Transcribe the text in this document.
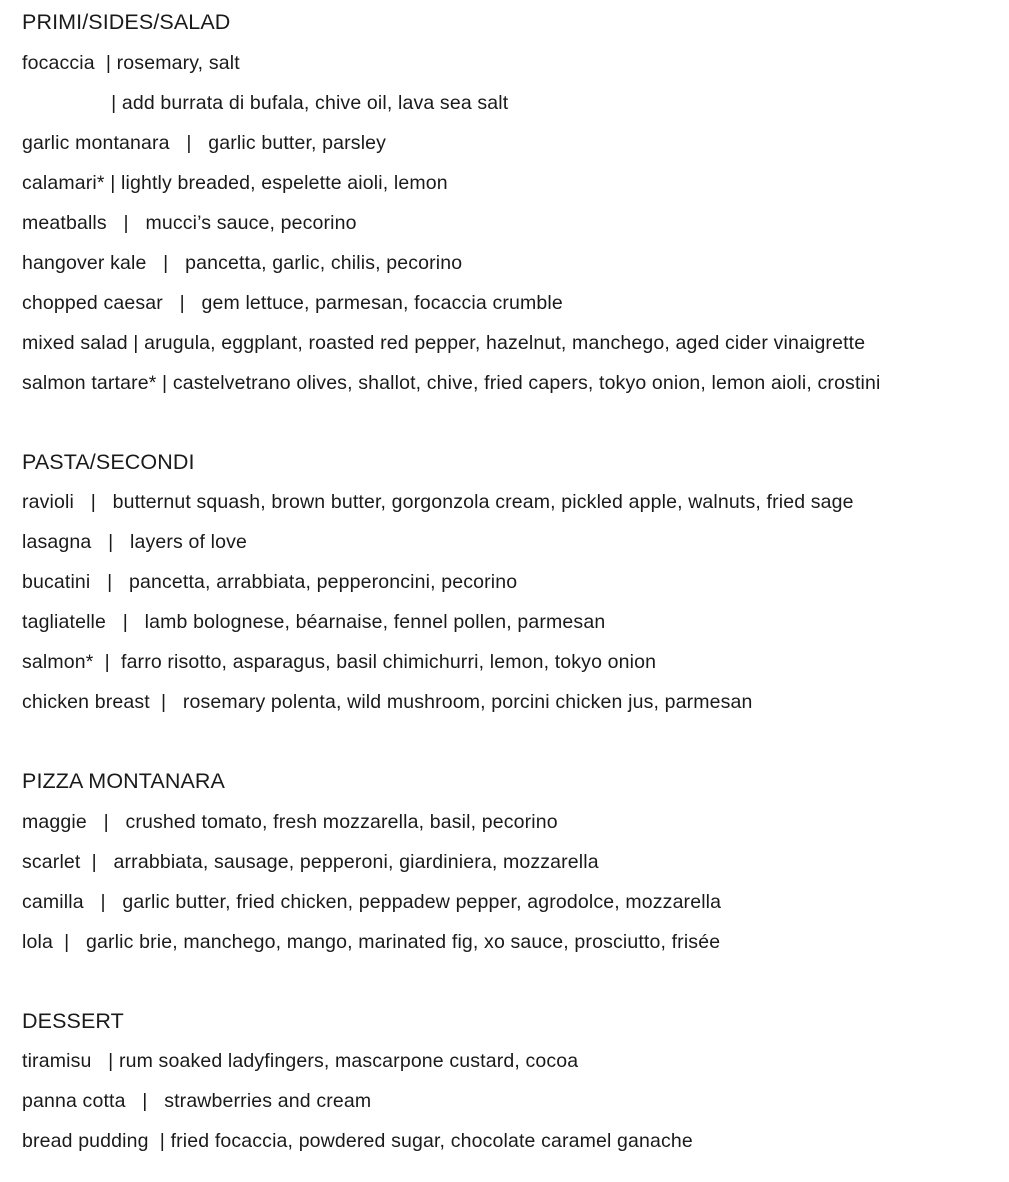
PRIMI/SIDES/SALAD
focaccia  | rosemary, salt
| add burrata di bufala, chive oil, lava sea salt
garlic montanara   |   garlic butter, parsley
calamari* | lightly breaded, espelette aioli, lemon
meatballs   |   mucci’s sauce, pecorino
hangover kale   |   pancetta, garlic, chilis, pecorino
chopped caesar   |   gem lettuce, parmesan, focaccia crumble
mixed salad | arugula, eggplant, roasted red pepper, hazelnut, manchego, aged cider vinaigrette
salmon tartare* | castelvetrano olives, shallot, chive, fried capers, tokyo onion, lemon aioli, crostini
PASTA/SECONDI
ravioli   |   butternut squash, brown butter, gorgonzola cream, pickled apple, walnuts, fried sage
lasagna   |   layers of love
bucatini   |   pancetta, arrabbiata, pepperoncini, pecorino
tagliatelle   |   lamb bolognese, béarnaise, fennel pollen, parmesan
salmon*  |  farro risotto, asparagus, basil chimichurri, lemon, tokyo onion
chicken breast  |   rosemary polenta, wild mushroom, porcini chicken jus, parmesan
PIZZA MONTANARA
maggie   |   crushed tomato, fresh mozzarella, basil, pecorino
scarlet  |   arrabbiata, sausage, pepperoni, giardiniera, mozzarella
camilla   |   garlic butter, fried chicken, peppadew pepper, agrodolce, mozzarella
lola  |   garlic brie, manchego, mango, marinated fig, xo sauce, prosciutto, frisée
DESSERT
tiramisu   | rum soaked ladyfingers, mascarpone custard, cocoa
panna cotta   |   strawberries and cream
bread pudding  | fried focaccia, powdered sugar, chocolate caramel ganache
